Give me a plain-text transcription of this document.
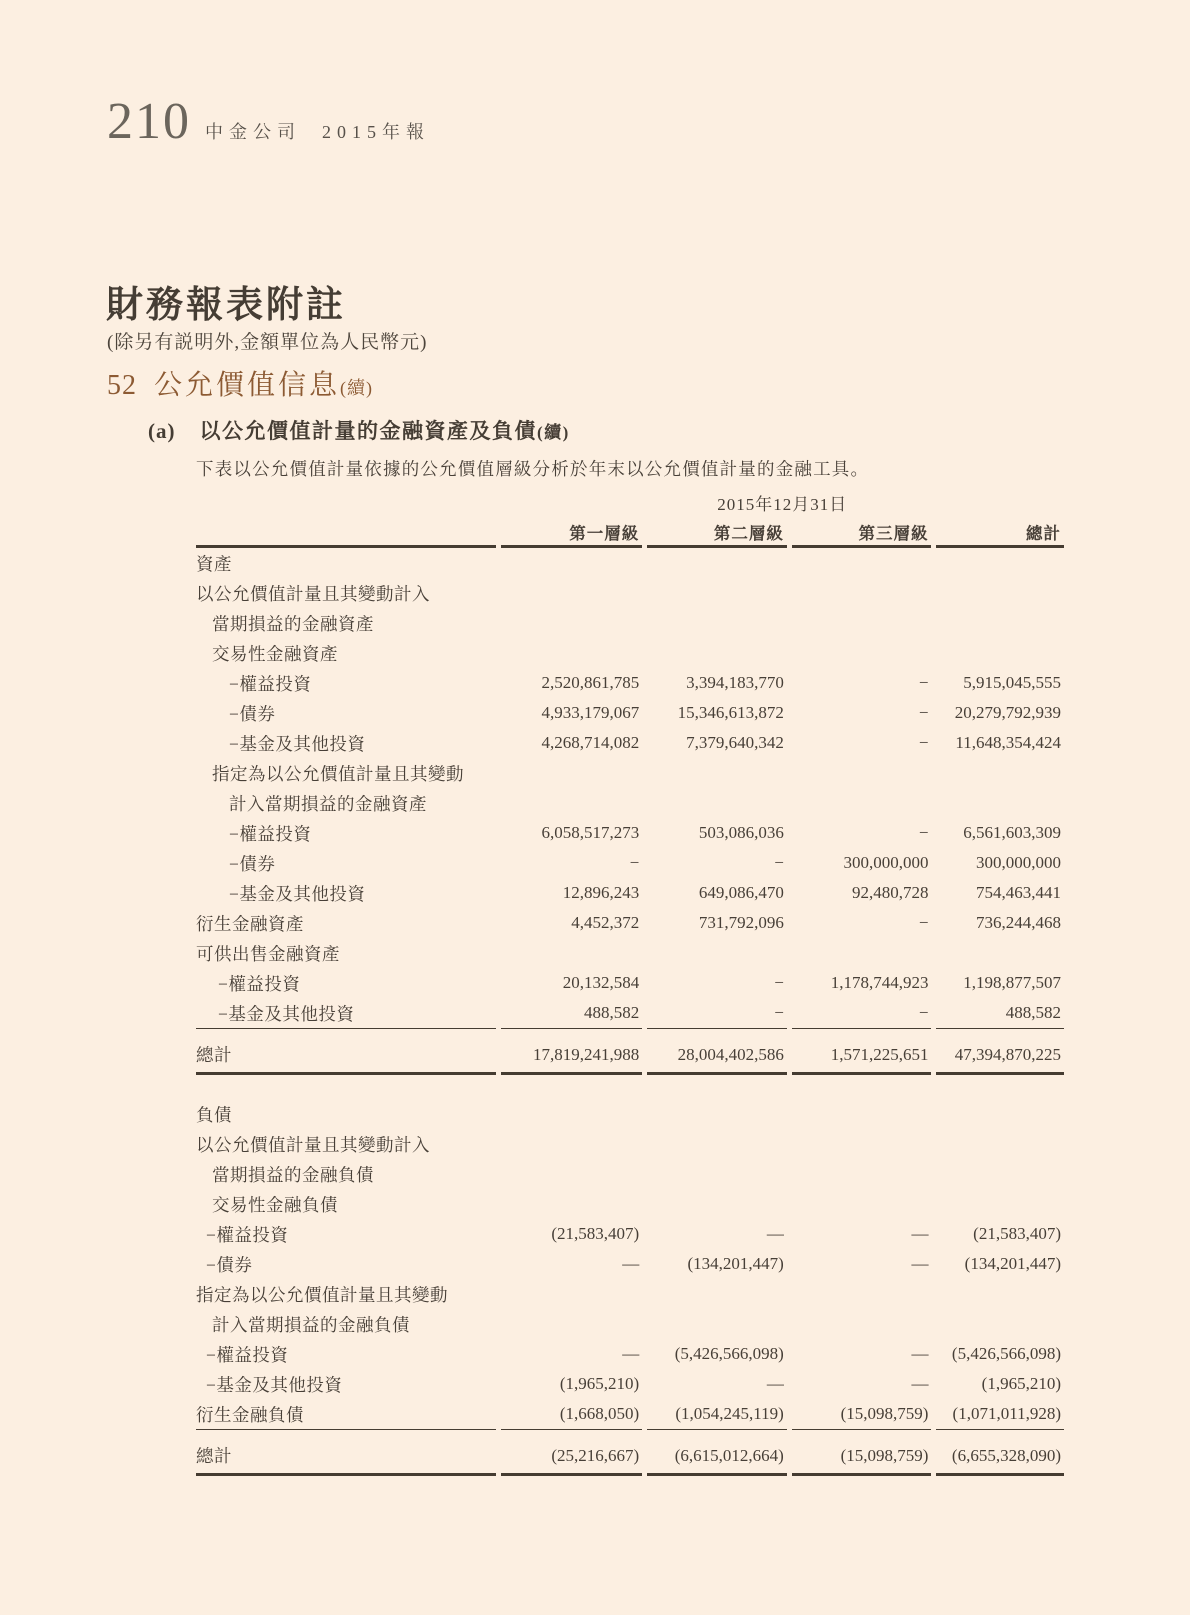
210 中金公司 2015年報
財務報表附註
(除另有説明外,金額單位為人民幣元)
52 公允價值信息 (續)
(a) 以公允價值計量的金融資產及負債(續)

下表以公允價值計量依據的公允價值層級分析於年末以公允價值計量的金融工具。

	2015年12月31日			
	第一層級	第二層級	第三層級	總計
資產				
以公允價值計量且其變動計入				
當期損益的金融資產				
交易性金融資產				
−權益投資	2,520,861,785	3,394,183,770	−	5,915,045,555
−債券	4,933,179,067	15,346,613,872	−	20,279,792,939
−基金及其他投資	4,268,714,082	7,379,640,342	−	11,648,354,424
指定為以公允價值計量且其變動				
計入當期損益的金融資產				
−權益投資	6,058,517,273	503,086,036	−	6,561,603,309
−債券	−	−	300,000,000	300,000,000
−基金及其他投資	12,896,243	649,086,470	92,480,728	754,463,441
衍生金融資產	4,452,372	731,792,096	−	736,244,468
可供出售金融資產				
−權益投資	20,132,584	−	1,178,744,923	1,198,877,507
−基金及其他投資	488,582	−	−	488,582
總計	17,819,241,988	28,004,402,586	1,571,225,651	47,394,870,225

負債				
以公允價值計量且其變動計入				
當期損益的金融負債				
交易性金融負債				
−權益投資	(21,583,407)	—	—	(21,583,407)
−債券	—	(134,201,447)	—	(134,201,447)
指定為以公允價值計量且其變動				
計入當期損益的金融負債				
−權益投資	—	(5,426,566,098)	—	(5,426,566,098)
−基金及其他投資	(1,965,210)	—	—	(1,965,210)
衍生金融負債	(1,668,050)	(1,054,245,119)	(15,098,759)	(1,071,011,928)
總計	(25,216,667)	(6,615,012,664)	(15,098,759)	(6,655,328,090)
